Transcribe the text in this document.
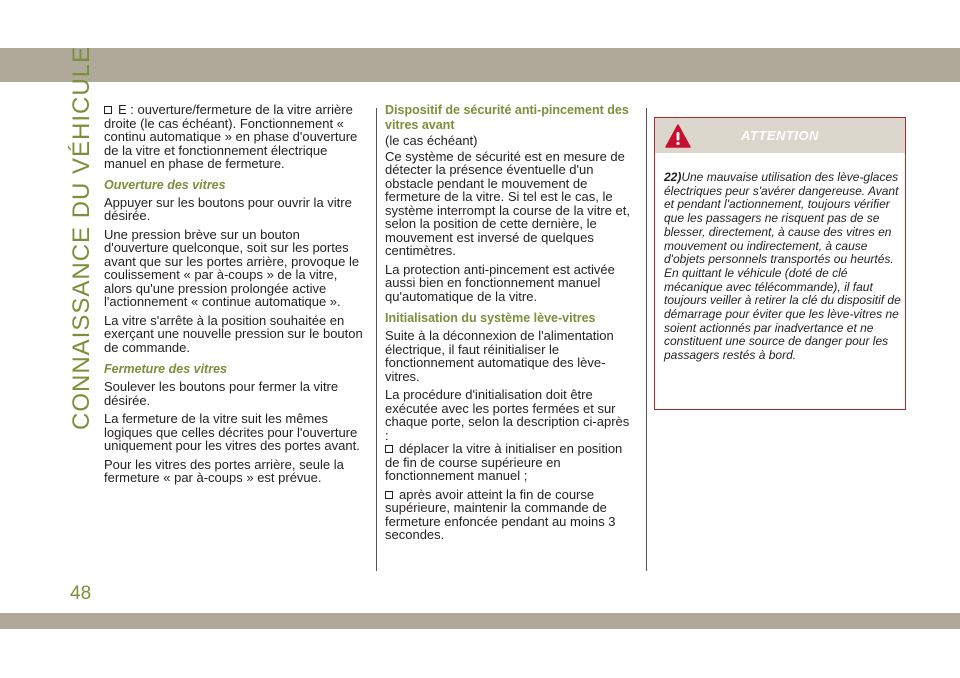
CONNAISSANCE DU VÉHICULE
48

E : ouverture/fermeture de la vitre arrière droite (le cas échéant). Fonctionnement « continu automatique » en phase d'ouverture de la vitre et fonctionnement électrique manuel en phase de fermeture.

Ouverture des vitres

Appuyer sur les boutons pour ouvrir la vitre désirée.

Une pression brève sur un bouton d'ouverture quelconque, soit sur les portes avant que sur les portes arrière, provoque le coulissement « par à-coups » de la vitre, alors qu'une pression prolongée active l'actionnement « continue automatique ».

La vitre s'arrête à la position souhaitée en exerçant une nouvelle pression sur le bouton de commande.

Fermeture des vitres

Soulever les boutons pour fermer la vitre désirée.

La fermeture de la vitre suit les mêmes logiques que celles décrites pour l'ouverture uniquement pour les vitres des portes avant.

Pour les vitres des portes arrière, seule la fermeture « par à-coups » est prévue.

Dispositif de sécurité anti-pincement des vitres avant

(le cas échéant)

Ce système de sécurité est en mesure de détecter la présence éventuelle d'un obstacle pendant le mouvement de fermeture de la vitre. Si tel est le cas, le système interrompt la course de la vitre et, selon la position de cette dernière, le mouvement est inversé de quelques centimètres.

La protection anti-pincement est activée aussi bien en fonctionnement manuel qu'automatique de la vitre.

Initialisation du système lève-vitres

Suite à la déconnexion de l'alimentation électrique, il faut réinitialiser le fonctionnement automatique des lève-vitres.

La procédure d'initialisation doit être exécutée avec les portes fermées et sur chaque porte, selon la description ci-après :

déplacer la vitre à initialiser en position de fin de course supérieure en fonctionnement manuel ;

après avoir atteint la fin de course supérieure, maintenir la commande de fermeture enfoncée pendant au moins 3 secondes.

ATTENTION
22)Une mauvaise utilisation des lève-glaces électriques peur s'avérer dangereuse. Avant et pendant l'actionnement, toujours vérifier que les passagers ne risquent pas de se blesser, directement, à cause des vitres en mouvement ou indirectement, à cause d'objets personnels transportés ou heurtés. En quittant le véhicule (doté de clé mécanique avec télécommande), il faut toujours veiller à retirer la clé du dispositif de démarrage pour éviter que les lève-vitres ne soient actionnés par inadvertance et ne constituent une source de danger pour les passagers restés à bord.
